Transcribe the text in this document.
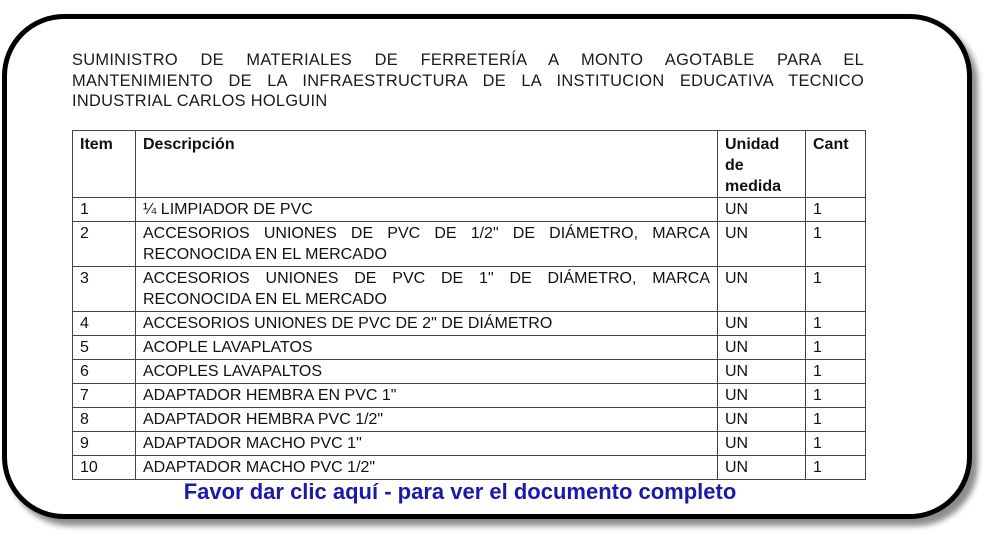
SUMINISTRO DE MATERIALES DE FERRETERÍA A MONTO AGOTABLE PARA EL
MANTENIMIENTO DE LA INFRAESTRUCTURA DE LA INSTITUCION EDUCATIVA TECNICO
INDUSTRIAL CARLOS HOLGUIN
Item	Descripción	Unidad de medida	Cant
1	¼ LIMPIADOR DE PVC	UN	1
2	ACCESORIOS UNIONES DE PVC DE 1/2" DE DIÁMETRO, MARCA RECONOCIDA EN EL MERCADO	UN	1
3	ACCESORIOS UNIONES DE PVC DE 1" DE DIÁMETRO, MARCA RECONOCIDA EN EL MERCADO	UN	1
4	ACCESORIOS UNIONES DE PVC DE 2" DE DIÁMETRO	UN	1
5	ACOPLE LAVAPLATOS	UN	1
6	ACOPLES LAVAPALTOS	UN	1
7	ADAPTADOR HEMBRA EN PVC 1"	UN	1
8	ADAPTADOR HEMBRA PVC 1/2"	UN	1
9	ADAPTADOR MACHO PVC 1"	UN	1
10	ADAPTADOR MACHO PVC 1/2"	UN	1
Favor dar clic aquí - para ver el documento completo
